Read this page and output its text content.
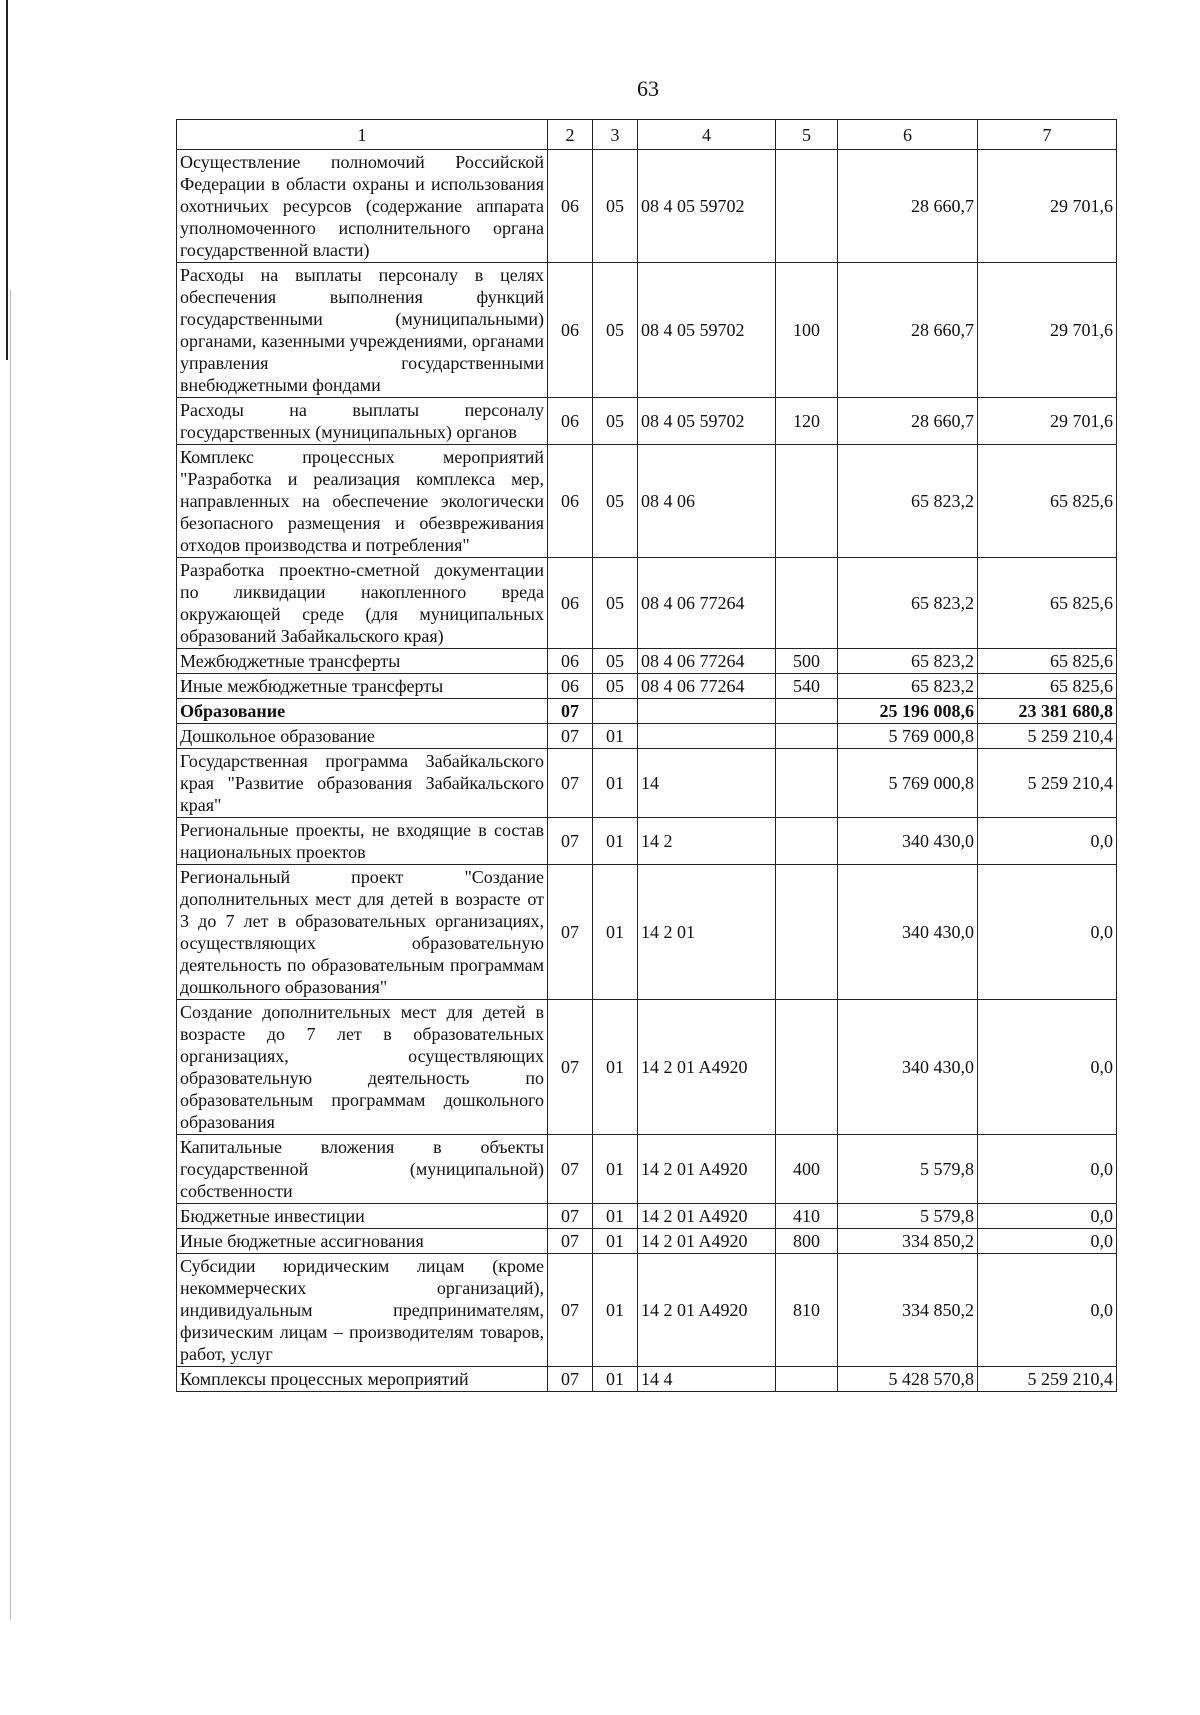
63
1	2	3	4	5	6	7
Осуществление полномочий Российской Федерации в области охраны и использования охотничьих ресурсов (содержание аппарата уполномоченного исполнительного органа государственной власти)	06	05	08 4 05 59702		28 660,7	29 701,6
Расходы на выплаты персоналу в целях обеспечения выполнения функций государственными (муниципальными) органами, казенными учреждениями, органами управления государственными внебюджетными фондами	06	05	08 4 05 59702	100	28 660,7	29 701,6
Расходы на выплаты персоналу государственных (муниципальных) органов	06	05	08 4 05 59702	120	28 660,7	29 701,6
Комплекс процессных мероприятий "Разработка и реализация комплекса мер, направленных на обеспечение экологически безопасного размещения и обезвреживания отходов производства и потребления"	06	05	08 4 06		65 823,2	65 825,6
Разработка проектно-сметной документации по ликвидации накопленного вреда окружающей среде (для муниципальных образований Забайкальского края)	06	05	08 4 06 77264		65 823,2	65 825,6
Межбюджетные трансферты	06	05	08 4 06 77264	500	65 823,2	65 825,6
Иные межбюджетные трансферты	06	05	08 4 06 77264	540	65 823,2	65 825,6
Образование	07				25 196 008,6	23 381 680,8
Дошкольное образование	07	01			5 769 000,8	5 259 210,4
Государственная программа Забайкальского края "Развитие образования Забайкальского края"	07	01	14		5 769 000,8	5 259 210,4
Региональные проекты, не входящие в состав национальных проектов	07	01	14 2		340 430,0	0,0
Региональный проект "Создание дополнительных мест для детей в возрасте от 3 до 7 лет в образовательных организациях, осуществляющих образовательную деятельность по образовательным программам дошкольного образования"	07	01	14 2 01		340 430,0	0,0
Создание дополнительных мест для детей в возрасте до 7 лет в образовательных организациях, осуществляющих образовательную деятельность по образовательным программам дошкольного образования	07	01	14 2 01 A4920		340 430,0	0,0
Капитальные вложения в объекты государственной (муниципальной) собственности	07	01	14 2 01 A4920	400	5 579,8	0,0
Бюджетные инвестиции	07	01	14 2 01 A4920	410	5 579,8	0,0
Иные бюджетные ассигнования	07	01	14 2 01 A4920	800	334 850,2	0,0
Субсидии юридическим лицам (кроме некоммерческих организаций), индивидуальным предпринимателям, физическим лицам – производителям товаров, работ, услуг	07	01	14 2 01 A4920	810	334 850,2	0,0
Комплексы процессных мероприятий	07	01	14 4		5 428 570,8	5 259 210,4
